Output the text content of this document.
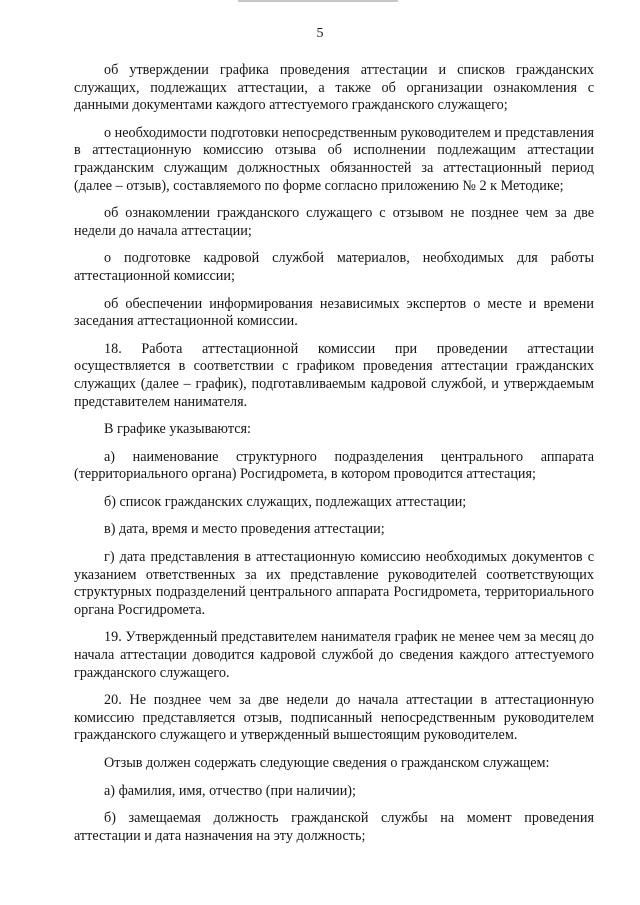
5

об утверждении графика проведения аттестации и списков гражданских служащих, подлежащих аттестации, а также об организации ознакомления с данными документами каждого аттестуемого гражданского служащего;

о необходимости подготовки непосредственным руководителем и представления в аттестационную комиссию отзыва об исполнении подлежащим аттестации гражданским служащим должностных обязанностей за аттестационный период (далее – отзыв), составляемого по форме согласно приложению № 2 к Методике;

об ознакомлении гражданского служащего с отзывом не позднее чем за две недели до начала аттестации;

о подготовке кадровой службой материалов, необходимых для работы аттестационной комиссии;

об обеспечении информирования независимых экспертов о месте и времени заседания аттестационной комиссии.

18. Работа аттестационной комиссии при проведении аттестации осуществляется в соответствии с графиком проведения аттестации гражданских служащих (далее – график), подготавливаемым кадровой службой, и утверждаемым представителем нанимателя.

В графике указываются:

а) наименование структурного подразделения центрального аппарата (территориального органа) Росгидромета, в котором проводится аттестация;

б) список гражданских служащих, подлежащих аттестации;

в) дата, время и место проведения аттестации;

г) дата представления в аттестационную комиссию необходимых документов с указанием ответственных за их представление руководителей соответствующих структурных подразделений центрального аппарата Росгидромета, территориального органа Росгидромета.

19. Утвержденный представителем нанимателя график не менее чем за месяц до начала аттестации доводится кадровой службой до сведения каждого аттестуемого гражданского служащего.

20. Не позднее чем за две недели до начала аттестации в аттестационную комиссию представляется отзыв, подписанный непосредственным руководителем гражданского служащего и утвержденный вышестоящим руководителем.

Отзыв должен содержать следующие сведения о гражданском служащем:

а) фамилия, имя, отчество (при наличии);

б) замещаемая должность гражданской службы на момент проведения аттестации и дата назначения на эту должность;
